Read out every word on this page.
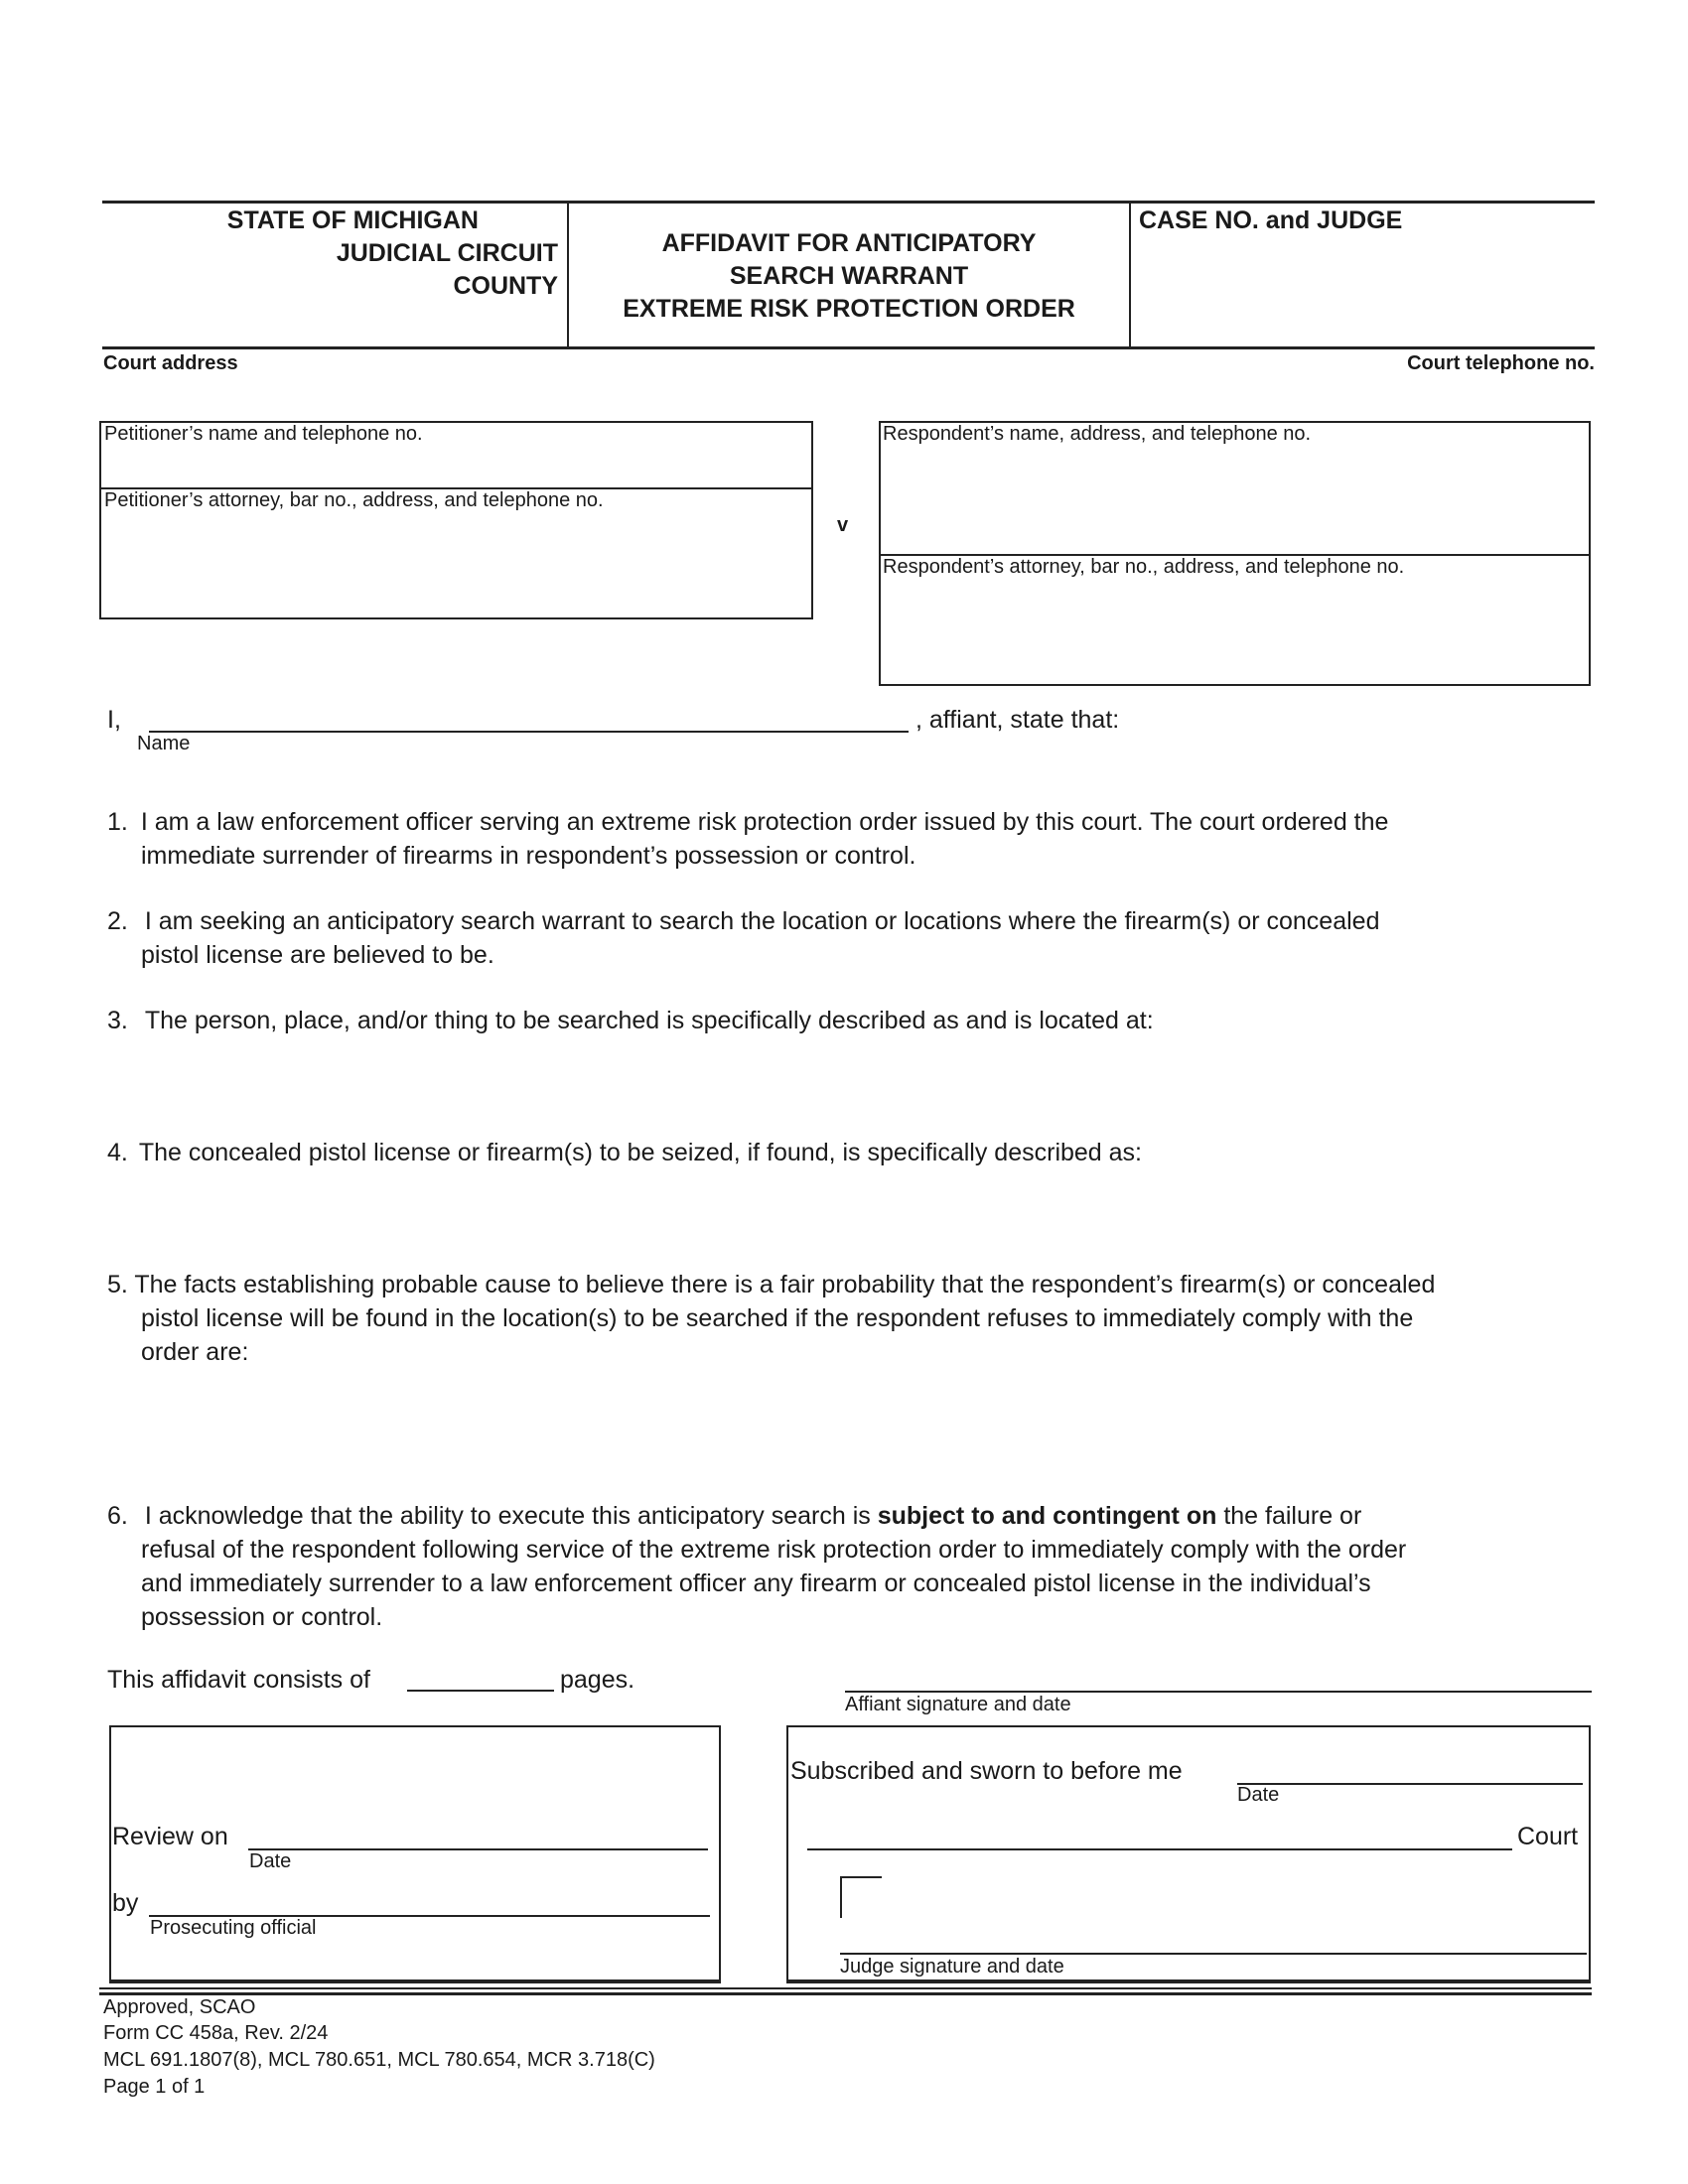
STATE OF MICHIGAN
JUDICIAL CIRCUIT
COUNTY
AFFIDAVIT FOR ANTICIPATORY
SEARCH WARRANT
EXTREME RISK PROTECTION ORDER
CASE NO. and JUDGE
Court address	Court telephone no.
Petitioner’s name and telephone no.
Petitioner’s attorney, bar no., address, and telephone no.
v
Respondent’s name, address, and telephone no.
Respondent’s attorney, bar no., address, and telephone no.
I,	, affiant, state that:
Name
1. I am a law enforcement officer serving an extreme risk protection order issued by this court. The court ordered the
immediate surrender of firearms in respondent’s possession or control.
2. I am seeking an anticipatory search warrant to search the location or locations where the firearm(s) or concealed
pistol license are believed to be.
3. The person, place, and/or thing to be searched is specifically described as and is located at:
4. The concealed pistol license or firearm(s) to be seized, if found, is specifically described as:
5. The facts establishing probable cause to believe there is a fair probability that the respondent’s firearm(s) or concealed
pistol license will be found in the location(s) to be searched if the respondent refuses to immediately comply with the
order are:
6. I acknowledge that the ability to execute this anticipatory search is subject to and contingent on the failure or
refusal of the respondent following service of the extreme risk protection order to immediately comply with the order
and immediately surrender to a law enforcement officer any firearm or concealed pistol license in the individual’s
possession or control.
This affidavit consists of	pages.
Affiant signature and date
Review on
Date
by
Prosecuting official
Subscribed and sworn to before me
Date
Court
Judge signature and date
Approved, SCAO
Form CC 458a, Rev. 2/24
MCL 691.1807(8), MCL 780.651, MCL 780.654, MCR 3.718(C)
Page 1 of 1
